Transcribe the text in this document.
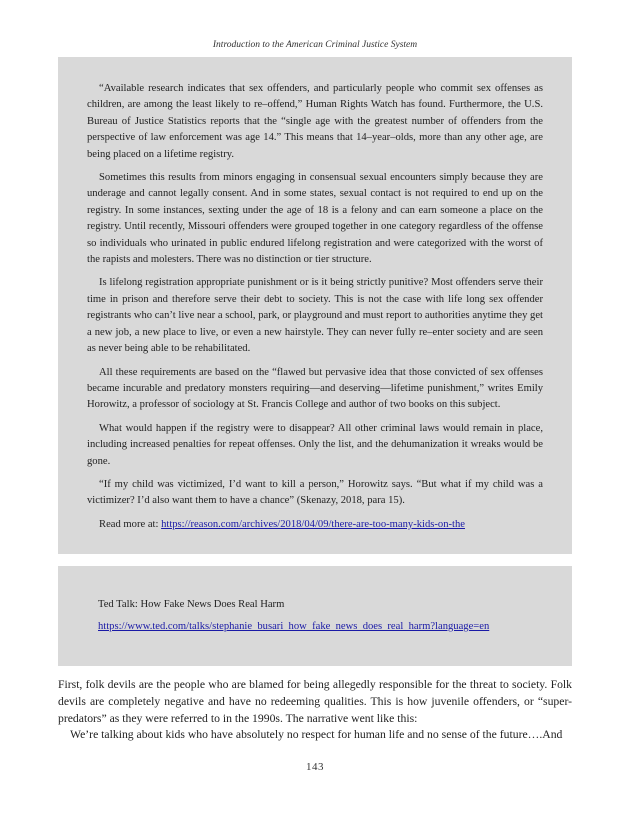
Introduction to the American Criminal Justice System

“Available research indicates that sex offenders, and particularly people who commit sex offenses as children, are among the least likely to re–offend,” Human Rights Watch has found. Furthermore, the U.S. Bureau of Justice Statistics reports that the “single age with the greatest number of offenders from the perspective of law enforcement was age 14.” This means that 14–year–olds, more than any other age, are being placed on a lifetime registry.

Sometimes this results from minors engaging in consensual sexual encounters simply because they are underage and cannot legally consent. And in some states, sexual contact is not required to end up on the registry. In some instances, sexting under the age of 18 is a felony and can earn someone a place on the registry. Until recently, Missouri offenders were grouped together in one category regardless of the offense so individuals who urinated in public endured lifelong registration and were categorized with the worst of the rapists and molesters. There was no distinction or tier structure.

Is lifelong registration appropriate punishment or is it being strictly punitive? Most offenders serve their time in prison and therefore serve their debt to society. This is not the case with life long sex offender registrants who can’t live near a school, park, or playground and must report to authorities anytime they get a new job, a new place to live, or even a new hairstyle. They can never fully re–enter society and are seen as never being able to be rehabilitated.

All these requirements are based on the “flawed but pervasive idea that those convicted of sex offenses became incurable and predatory monsters requiring—and deserving—lifetime punishment,” writes Emily Horowitz, a professor of sociology at St. Francis College and author of two books on this subject.

What would happen if the registry were to disappear? All other criminal laws would remain in place, including increased penalties for repeat offenses. Only the list, and the dehumanization it wreaks would be gone.

“If my child was victimized, I’d want to kill a person,” Horowitz says. “But what if my child was a victimizer? I’d also want them to have a chance” (Skenazy, 2018, para 15).

Read more at: https://reason.com/archives/2018/04/09/there-are-too-many-kids-on-the

Ted Talk: How Fake News Does Real Harm
https://www.ted.com/talks/stephanie_busari_how_fake_news_does_real_harm?language=en

First, folk devils are the people who are blamed for being allegedly responsible for the threat to society. Folk devils are completely negative and have no redeeming qualities. This is how juvenile offenders, or “super-predators” as they were referred to in the 1990s. The narrative went like this:

We’re talking about kids who have absolutely no respect for human life and no sense of the future….And

143
